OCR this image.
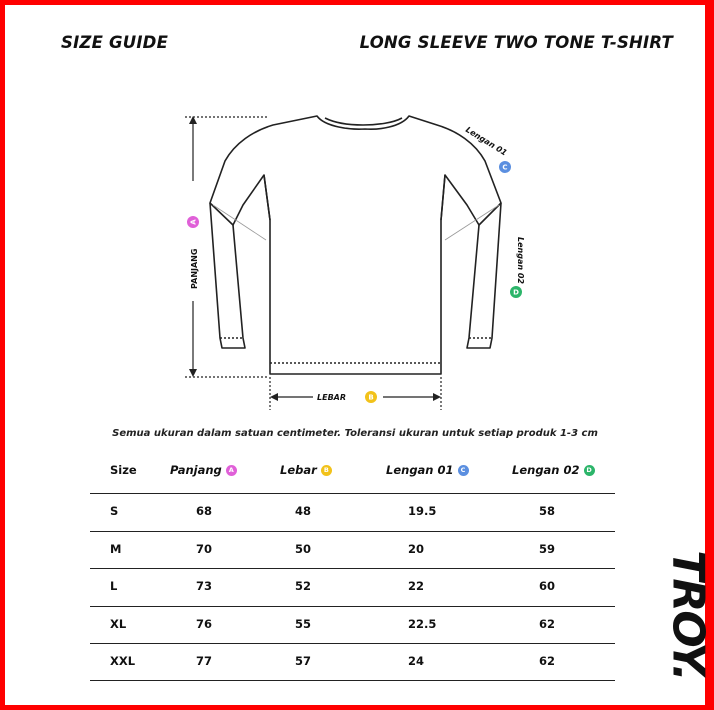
SIZE GUIDE	LONG SLEEVE TWO TONE T-SHIRT
PANJANG
A
LEBAR	B
Lengan 01
C
Lengan 02
D
Semua ukuran dalam satuan centimeter. Toleransi ukuran untuk setiap produk 1-3 cm
Size	Panjang	A	Lebar	B	Lengan 01	C	Lengan 02	D
S	68	48	19.5	58
M	70	50	20	59
L	73	52	22	60
XL	76	55	22.5	62
XXL	77	57	24	62 TROY.
